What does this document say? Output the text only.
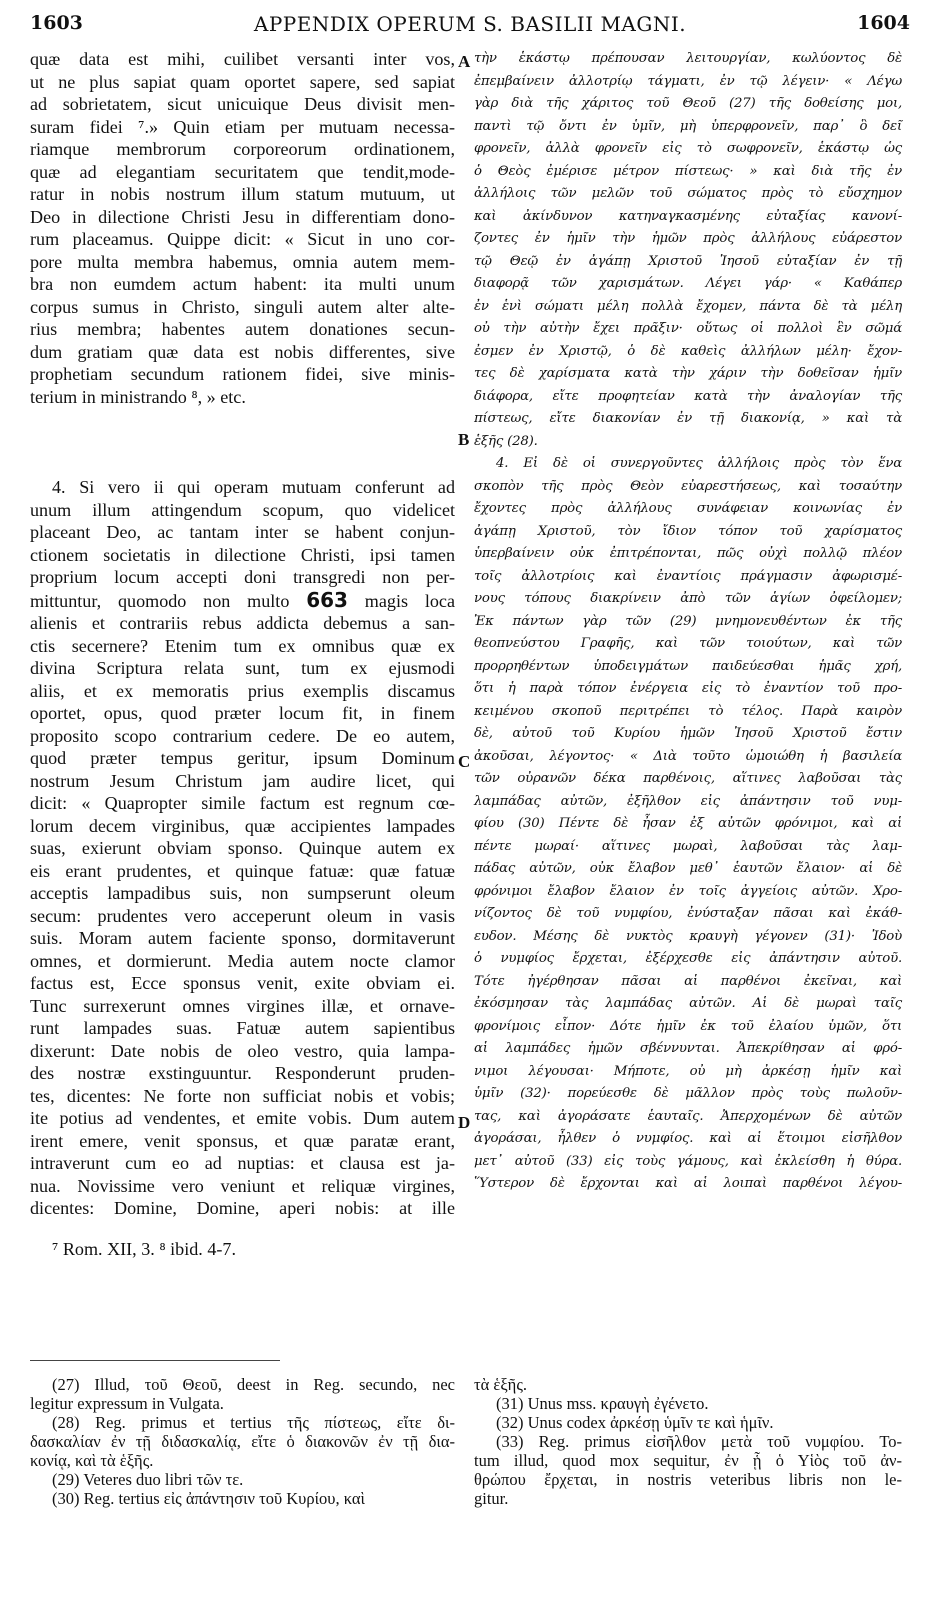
1603	APPENDIX OPERUM S. BASILII MAGNI.	1604
A
B
C
D
quæ data est mihi, cuilibet versanti inter vos,
ut ne plus sapiat quam oportet sapere, sed sapiat
ad sobrietatem, sicut unicuique Deus divisit men-
suram fidei ⁷.» Quin etiam per mutuam necessa-
riamque membrorum corporeorum ordinationem,
quæ ad elegantiam securitatem que tendit,mode-
ratur in nobis nostrum illum statum mutuum, ut
Deo in dilectione Christi Jesu in differentiam dono-
rum placeamus. Quippe dicit: « Sicut in uno cor-
pore multa membra habemus, omnia autem mem-
bra non eumdem actum habent: ita multi unum
corpus sumus in Christo, singuli autem alter alte-
rius membra; habentes autem donationes secun-
dum gratiam quæ data est nobis differentes, sive
prophetiam secundum rationem fidei, sive minis-
terium in ministrando ⁸, » etc.
4. Si vero ii qui operam mutuam conferunt ad
unum illum attingendum scopum, quo videlicet
placeant Deo, ac tantam inter se habent conjun-
ctionem societatis in dilectione Christi, ipsi tamen
proprium locum accepti doni transgredi non per-
mittuntur, quomodo non multo 663 magis loca
alienis et contrariis rebus addicta debemus a san-
ctis secernere? Etenim tum ex omnibus quæ ex
divina Scriptura relata sunt, tum ex ejusmodi
aliis, et ex memoratis prius exemplis discamus
oportet, opus, quod præter locum fit, in finem
proposito scopo contrarium cedere. De eo autem,
quod præter tempus geritur, ipsum Dominum
nostrum Jesum Christum jam audire licet, qui
dicit: « Quapropter simile factum est regnum cœ-
lorum decem virginibus, quæ accipientes lampades
suas, exierunt obviam sponso. Quinque autem ex
eis erant prudentes, et quinque fatuæ: quæ fatuæ
acceptis lampadibus suis, non sumpserunt oleum
secum: prudentes vero acceperunt oleum in vasis
suis. Moram autem faciente sponso, dormitaverunt
omnes, et dormierunt. Media autem nocte clamor
factus est, Ecce sponsus venit, exite obviam ei.
Tunc surrexerunt omnes virgines illæ, et ornave-
runt lampades suas. Fatuæ autem sapientibus
dixerunt: Date nobis de oleo vestro, quia lampa-
des nostræ exstinguuntur. Responderunt pruden-
tes, dicentes: Ne forte non sufficiat nobis et vobis;
ite potius ad vendentes, et emite vobis. Dum autem
irent emere, venit sponsus, et quæ paratæ erant,
intraverunt cum eo ad nuptias: et clausa est ja-
nua. Novissime vero veniunt et reliquæ virgines,
dicentes: Domine, Domine, aperi nobis: at ille
⁷ Rom. XII, 3. ⁸ ibid. 4-7.
τὴν ἑκάστῳ πρέπουσαν λειτουργίαν, κωλύοντος δὲ
ἐπεμβαίνειν ἀλλοτρίῳ τάγματι, ἐν τῷ λέγειν· « Λέγω
γὰρ διὰ τῆς χάριτος τοῦ Θεοῦ (27) τῆς δοθείσης μοι,
παντὶ τῷ ὄντι ἐν ὑμῖν, μὴ ὑπερφρονεῖν, παρ᾽ ὃ δεῖ
φρονεῖν, ἀλλὰ φρονεῖν εἰς τὸ σωφρονεῖν, ἑκάστῳ ὡς
ὁ Θεὸς ἐμέρισε μέτρον πίστεως· » καὶ διὰ τῆς ἐν
ἀλλήλοις τῶν μελῶν τοῦ σώματος πρὸς τὸ εὔσχημον
καὶ ἀκίνδυνον κατηναγκασμένης εὐταξίας κανονί-
ζοντες ἐν ἡμῖν τὴν ἡμῶν πρὸς ἀλλήλους εὐάρεστον
τῷ Θεῷ ἐν ἀγάπῃ Χριστοῦ Ἰησοῦ εὐταξίαν ἐν τῇ
διαφορᾷ τῶν χαρισμάτων. Λέγει γάρ· « Καθάπερ
ἐν ἑνὶ σώματι μέλη πολλὰ ἔχομεν, πάντα δὲ τὰ μέλη
οὐ τὴν αὐτὴν ἔχει πρᾶξιν· οὕτως οἱ πολλοὶ ἓν σῶμά
ἐσμεν ἐν Χριστῷ, ὁ δὲ καθεὶς ἀλλήλων μέλη· ἔχον-
τες δὲ χαρίσματα κατὰ τὴν χάριν τὴν δοθεῖσαν ἡμῖν
διάφορα, εἴτε προφητείαν κατὰ τὴν ἀναλογίαν τῆς
πίστεως, εἴτε διακονίαν ἐν τῇ διακονίᾳ, » καὶ τὰ
ἑξῆς (28).
4. Εἰ δὲ οἱ συνεργοῦντες ἀλλήλοις πρὸς τὸν ἕνα
σκοπὸν τῆς πρὸς Θεὸν εὐαρεστήσεως, καὶ τοσαύτην
ἔχοντες πρὸς ἀλλήλους συνάφειαν κοινωνίας ἐν
ἀγάπῃ Χριστοῦ, τὸν ἴδιον τόπον τοῦ χαρίσματος
ὑπερβαίνειν οὐκ ἐπιτρέπονται, πῶς οὐχὶ πολλῷ πλέον
τοῖς ἀλλοτρίοις καὶ ἐναντίοις πράγμασιν ἀφωρισμέ-
νους τόπους διακρίνειν ἀπὸ τῶν ἁγίων ὀφείλομεν;
Ἐκ πάντων γὰρ τῶν (29) μνημονευθέντων ἐκ τῆς
θεοπνεύστου Γραφῆς, καὶ τῶν τοιούτων, καὶ τῶν
προρρηθέντων ὑποδειγμάτων παιδεύεσθαι ἡμᾶς χρή,
ὅτι ἡ παρὰ τόπον ἐνέργεια εἰς τὸ ἐναντίον τοῦ προ-
κειμένου σκοποῦ περιτρέπει τὸ τέλος. Παρὰ καιρὸν
δὲ, αὐτοῦ τοῦ Κυρίου ἡμῶν Ἰησοῦ Χριστοῦ ἔστιν
ἀκοῦσαι, λέγοντος· « Διὰ τοῦτο ὡμοιώθη ἡ βασιλεία
τῶν οὐρανῶν δέκα παρθένοις, αἵτινες λαβοῦσαι τὰς
λαμπάδας αὐτῶν, ἐξῆλθον εἰς ἀπάντησιν τοῦ νυμ-
φίου (30) Πέντε δὲ ἦσαν ἐξ αὐτῶν φρόνιμοι, καὶ αἱ
πέντε μωραί· αἵτινες μωραὶ, λαβοῦσαι τὰς λαμ-
πάδας αὐτῶν, οὐκ ἔλαβον μεθ᾽ ἑαυτῶν ἔλαιον· αἱ δὲ
φρόνιμοι ἔλαβον ἔλαιον ἐν τοῖς ἀγγείοις αὐτῶν. Χρο-
νίζοντος δὲ τοῦ νυμφίου, ἐνύσταξαν πᾶσαι καὶ ἐκάθ-
ευδον. Μέσης δὲ νυκτὸς κραυγὴ γέγονεν (31)· Ἰδοὺ
ὁ νυμφίος ἔρχεται, ἐξέρχεσθε εἰς ἀπάντησιν αὐτοῦ.
Τότε ἠγέρθησαν πᾶσαι αἱ παρθένοι ἐκεῖναι, καὶ
ἐκόσμησαν τὰς λαμπάδας αὐτῶν. Αἱ δὲ μωραὶ ταῖς
φρονίμοις εἶπον· Δότε ἡμῖν ἐκ τοῦ ἐλαίου ὑμῶν, ὅτι
αἱ λαμπάδες ἡμῶν σβέννυνται. Ἀπεκρίθησαν αἱ φρό-
νιμοι λέγουσαι· Μήποτε, οὐ μὴ ἀρκέσῃ ἡμῖν καὶ
ὑμῖν (32)· πορεύεσθε δὲ μᾶλλον πρὸς τοὺς πωλοῦν-
τας, καὶ ἀγοράσατε ἑαυταῖς. Ἀπερχομένων δὲ αὐτῶν
ἀγοράσαι, ἦλθεν ὁ νυμφίος. καὶ αἱ ἕτοιμοι εἰσῆλθον
μετ᾽ αὐτοῦ (33) εἰς τοὺς γάμους, καὶ ἐκλείσθη ἡ θύρα.
Ὕστερον δὲ ἔρχονται καὶ αἱ λοιπαὶ παρθένοι λέγου-
(27) Illud, τοῦ Θεοῦ, deest in Reg. secundo, nec
legitur expressum in Vulgata.
(28) Reg. primus et tertius τῆς πίστεως, εἴτε δι-
δασκαλίαν ἐν τῇ διδασκαλίᾳ, εἴτε ὁ διακονῶν ἐν τῇ δια-
κονίᾳ, καὶ τὰ ἑξῆς.
(29) Veteres duo libri τῶν τε.
(30) Reg. tertius εἰς ἀπάντησιν τοῦ Κυρίου, καὶ
τὰ ἑξῆς.
(31) Unus mss. κραυγὴ ἐγένετο.
(32) Unus codex ἀρκέσῃ ὑμῖν τε καὶ ἡμῖν.
(33) Reg. primus εἰσῆλθον μετὰ τοῦ νυμφίου. To-
tum illud, quod mox sequitur, ἐν ᾗ ὁ Υἱὸς τοῦ ἀν-
θρώπου ἔρχεται, in nostris veteribus libris non le-
gitur.
